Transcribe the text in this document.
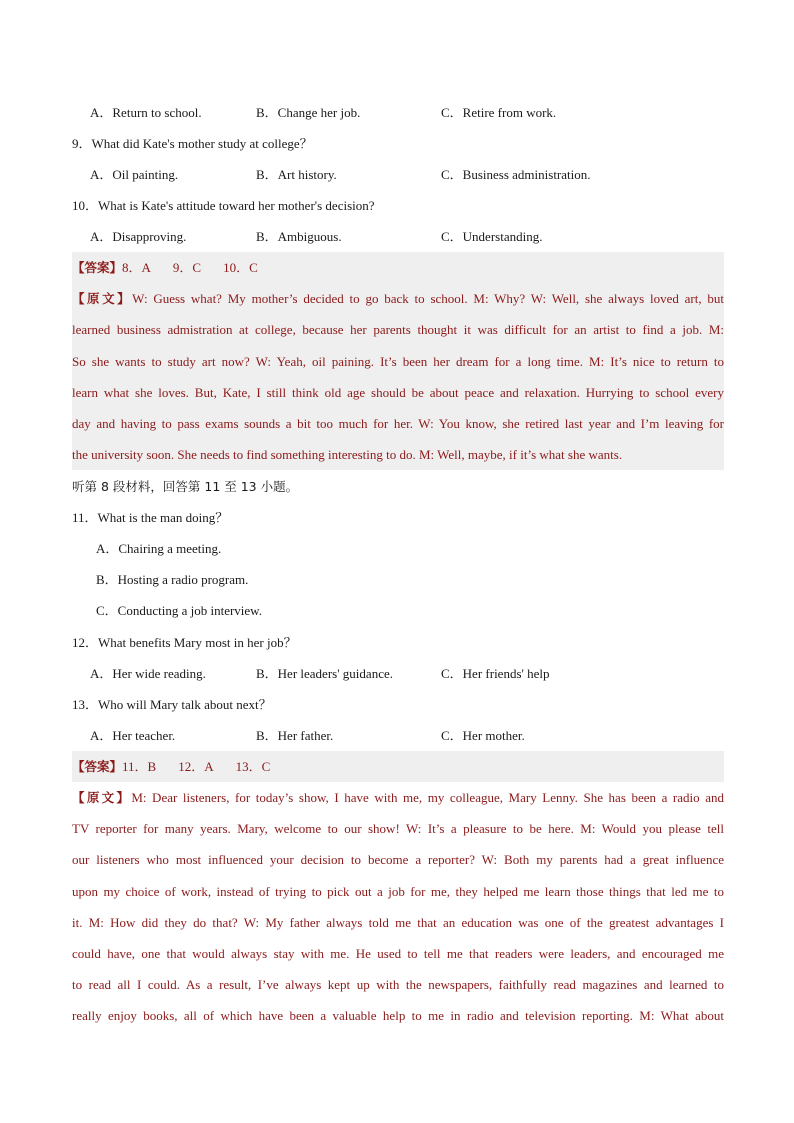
A．Return to school.	B．Change her job.	C．Retire from work.
9．What did Kate's mother study at college？
A．Oil painting.	B．Art history.	C．Business administration.
10．What is Kate's attitude toward her mother's decision?
A．Disapproving.	B．Ambiguous.	C．Understanding.
【答案】8．A 9．C 10．C
【原文】W: Guess what? My mother’s decided to go back to school. M: Why? W: Well, she always loved art, but
learned business admistration at college, because her parents thought it was difficult for an artist to find a job. M:
So she wants to study art now? W: Yeah, oil paining. It’s been her dream for a long time. M: It’s nice to return to
learn what she loves. But, Kate, I still think old age should be about peace and relaxation. Hurrying to school every
day and having to pass exams sounds a bit too much for her. W: You know, she retired last year and I’m leaving for
the university soon. She needs to find something interesting to do. M: Well, maybe, if it’s what she wants.
听第 8 段材料，回答第 11 至 13 小题。
11．What is the man doing？
A．Chairing a meeting.
B．Hosting a radio program.
C．Conducting a job interview.
12．What benefits Mary most in her job？
A．Her wide reading.	B．Her leaders' guidance.	C．Her friends' help
13．Who will Mary talk about next？
A．Her teacher.	B．Her father.	C．Her mother.
【答案】11．B 12．A 13．C
【原文】M: Dear listeners, for today’s show, I have with me, my colleague, Mary Lenny. She has been a radio and
TV reporter for many years. Mary, welcome to our show! W: It’s a pleasure to be here. M: Would you please tell
our listeners who most influenced your decision to become a reporter? W: Both my parents had a great influence
upon my choice of work, instead of trying to pick out a job for me, they helped me learn those things that led me to
it. M: How did they do that? W: My father always told me that an education was one of the greatest advantages I
could have, one that would always stay with me. He used to tell me that readers were leaders, and encouraged me
to read all I could. As a result, I’ve always kept up with the newspapers, faithfully read magazines and learned to
really enjoy books, all of which have been a valuable help to me in radio and television reporting. M: What about
